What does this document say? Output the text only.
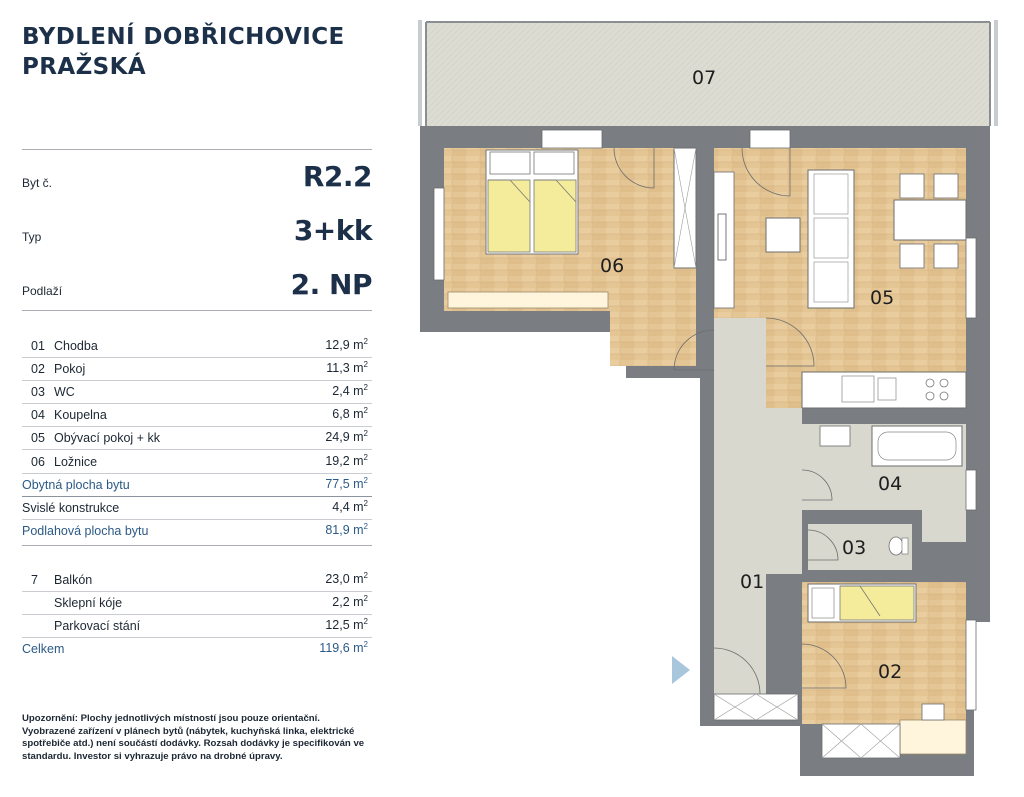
BYDLENÍ DOBŘICHOVICE
PRAŽSKÁ
Byt č.	R2.2
Typ	3+kk
Podlaží	2. NP
01 Chodba	12,9 $m^2$
02 Pokoj	11,3 $m^2$
03 WC	2,4 $m^2$
04 Koupelna	6,8 $m^2$
05 Obývací pokoj + kk	24,9 $m^2$
06 Ložnice	19,2 $m^2$
Obytná plocha bytu	77,5 $m^2$
Svislé konstrukce	4,4 $m^2$
Podlahová plocha bytu	81,9 $m^2$
7 Balkón	23,0 $m^2$
Sklepní kóje	2,2 $m^2$
Parkovací stání	12,5 $m^2$
Celkem	119,6 $m^2$
Upozornění: Plochy jednotlivých místností jsou pouze orientační. Vyobrazené zařízení v plánech bytů (nábytek, kuchyňská linka, elektrické spotřebiče atd.) není součástí dodávky. Rozsah dodávky je specifikován ve standardu. Investor si vyhrazuje právo na drobné úpravy.
06
05
04
03
01
02
07
